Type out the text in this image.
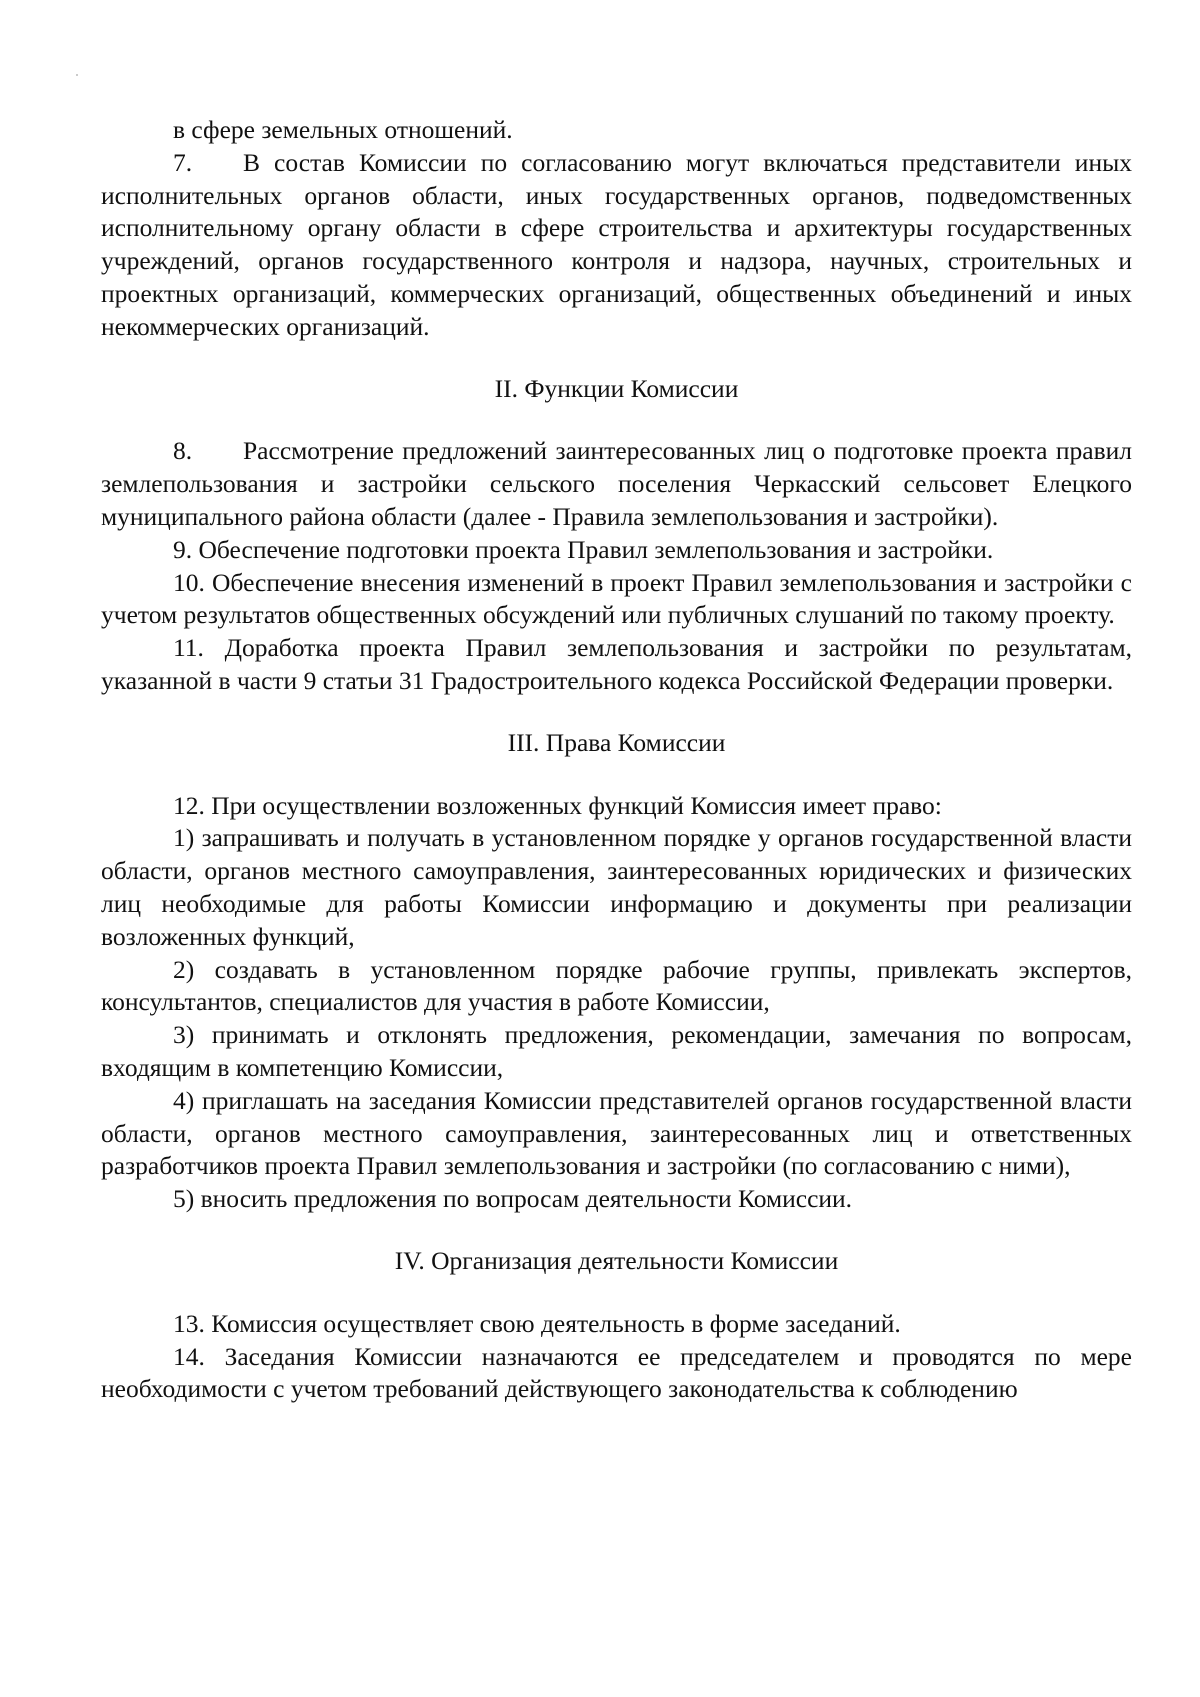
в сфере земельных отношений.

7. В состав Комиссии по согласованию могут включаться представители иных исполнительных органов области, иных государственных органов, подведомственных исполнительному органу области в сфере строительства и архитектуры государственных учреждений, органов государственного контроля и надзора, научных, строительных и проектных организаций, коммерческих организаций, общественных объединений и иных некоммерческих организаций.

II. Функции Комиссии

8. Рассмотрение предложений заинтересованных лиц о подготовке проекта правил землепользования и застройки сельского поселения Черкасский сельсовет Елецкого муниципального района области (далее - Правила землепользования и застройки).

9. Обеспечение подготовки проекта Правил землепользования и застройки.

10. Обеспечение внесения изменений в проект Правил землепользования и застройки с учетом результатов общественных обсуждений или публичных слушаний по такому проекту.

11. Доработка проекта Правил землепользования и застройки по результатам, указанной в части 9 статьи 31 Градостроительного кодекса Российской Федерации проверки.

III. Права Комиссии

12. При осуществлении возложенных функций Комиссия имеет право:

1) запрашивать и получать в установленном порядке у органов государственной власти области, органов местного самоуправления, заинтересованных юридических и физических лиц необходимые для работы Комиссии информацию и документы при реализации возложенных функций,

2) создавать в установленном порядке рабочие группы, привлекать экспертов, консультантов, специалистов для участия в работе Комиссии,

3) принимать и отклонять предложения, рекомендации, замечания по вопросам, входящим в компетенцию Комиссии,

4) приглашать на заседания Комиссии представителей органов государственной власти области, органов местного самоуправления, заинтересованных лиц и ответственных разработчиков проекта Правил землепользования и застройки (по согласованию с ними),

5) вносить предложения по вопросам деятельности Комиссии.

IV. Организация деятельности Комиссии

13. Комиссия осуществляет свою деятельность в форме заседаний.

14. Заседания Комиссии назначаются ее председателем и проводятся по мере необходимости с учетом требований действующего законодательства к соблюдению
